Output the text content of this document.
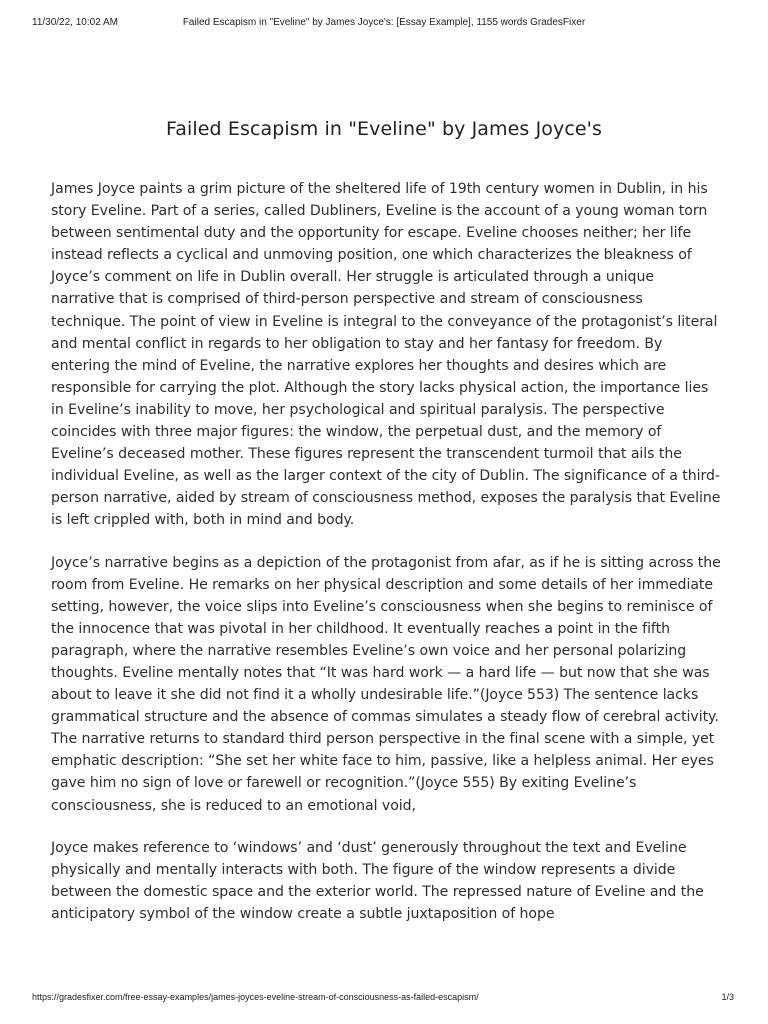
11/30/22, 10:02 AM	Failed Escapism in "Eveline" by James Joyce's: [Essay Example], 1155 words GradesFixer
Failed Escapism in "Eveline" by James Joyce's

James Joyce paints a grim picture of the sheltered life of 19th century women in Dublin, in his story Eveline. Part of a series, called Dubliners, Eveline is the account of a young woman torn between sentimental duty and the opportunity for escape. Eveline chooses neither; her life instead reflects a cyclical and unmoving position, one which characterizes the bleakness of Joyce’s comment on life in Dublin overall. Her struggle is articulated through a unique narrative that is comprised of third-person perspective and stream of consciousness technique. The point of view in Eveline is integral to the conveyance of the protagonist’s literal and mental conflict in regards to her obligation to stay and her fantasy for freedom. By entering the mind of Eveline, the narrative explores her thoughts and desires which are responsible for carrying the plot. Although the story lacks physical action, the importance lies in Eveline’s inability to move, her psychological and spiritual paralysis. The perspective coincides with three major figures: the window, the perpetual dust, and the memory of Eveline’s deceased mother. These figures represent the transcendent turmoil that ails the individual Eveline, as well as the larger context of the city of Dublin. The significance of a third-person narrative, aided by stream of consciousness method, exposes the paralysis that Eveline is left crippled with, both in mind and body.

Joyce’s narrative begins as a depiction of the protagonist from afar, as if he is sitting across the room from Eveline. He remarks on her physical description and some details of her immediate setting, however, the voice slips into Eveline’s consciousness when she begins to reminisce of the innocence that was pivotal in her childhood. It eventually reaches a point in the fifth paragraph, where the narrative resembles Eveline’s own voice and her personal polarizing thoughts. Eveline mentally notes that “It was hard work — a hard life — but now that she was about to leave it she did not find it a wholly undesirable life.”(Joyce 553) The sentence lacks grammatical structure and the absence of commas simulates a steady flow of cerebral activity. The narrative returns to standard third person perspective in the final scene with a simple, yet emphatic description: “She set her white face to him, passive, like a helpless animal. Her eyes gave him no sign of love or farewell or recognition.”(Joyce 555) By exiting Eveline’s consciousness, she is reduced to an emotional void,

Joyce makes reference to ‘windows’ and ‘dust’ generously throughout the text and Eveline physically and mentally interacts with both. The figure of the window represents a divide between the domestic space and the exterior world. The repressed nature of Eveline and the anticipatory symbol of the window create a subtle juxtaposition of hope

https://gradesfixer.com/free-essay-examples/james-joyces-eveline-stream-of-consciousness-as-failed-escapism/	1/3
